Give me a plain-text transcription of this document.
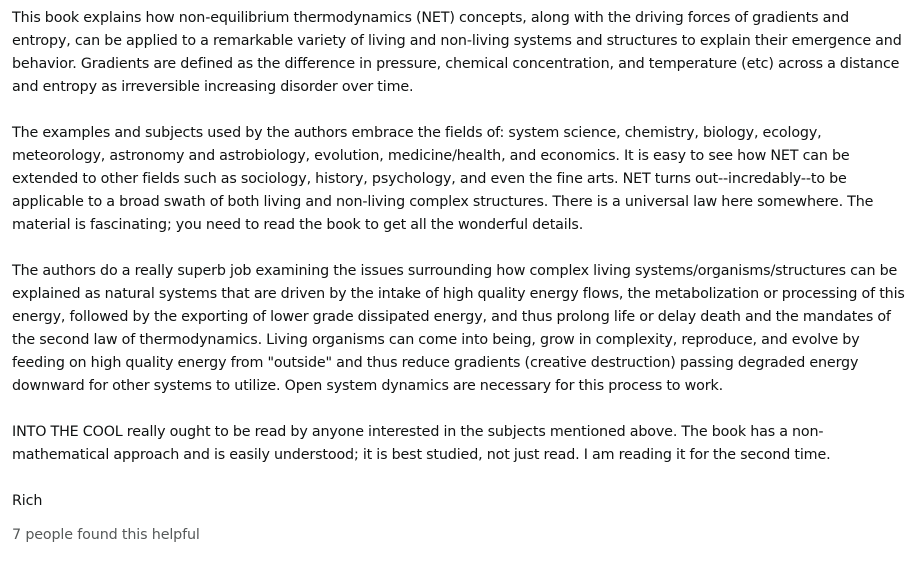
This book explains how non-equilibrium thermodynamics (NET) concepts, along with the driving forces of gradients and entropy, can be applied to a remarkable variety of living and non-living systems and structures to explain their emergence and behavior. Gradients are defined as the difference in pressure, chemical concentration, and temperature (etc) across a distance and entropy as irreversible increasing disorder over time.

The examples and subjects used by the authors embrace the fields of: system science, chemistry, biology, ecology, meteorology, astronomy and astrobiology, evolution, medicine/health, and economics. It is easy to see how NET can be extended to other fields such as sociology, history, psychology, and even the fine arts. NET turns out--incredably--to be applicable to a broad swath of both living and non-living complex structures. There is a universal law here somewhere. The material is fascinating; you need to read the book to get all the wonderful details.

The authors do a really superb job examining the issues surrounding how complex living systems/organisms/structures can be explained as natural systems that are driven by the intake of high quality energy flows, the metabolization or processing of this energy, followed by the exporting of lower grade dissipated energy, and thus prolong life or delay death and the mandates of the second law of thermodynamics. Living organisms can come into being, grow in complexity, reproduce, and evolve by feeding on high quality energy from "outside" and thus reduce gradients (creative destruction) passing degraded energy downward for other systems to utilize. Open system dynamics are necessary for this process to work.

INTO THE COOL really ought to be read by anyone interested in the subjects mentioned above. The book has a non-mathematical approach and is easily understood; it is best studied, not just read. I am reading it for the second time.

Rich

7 people found this helpful
